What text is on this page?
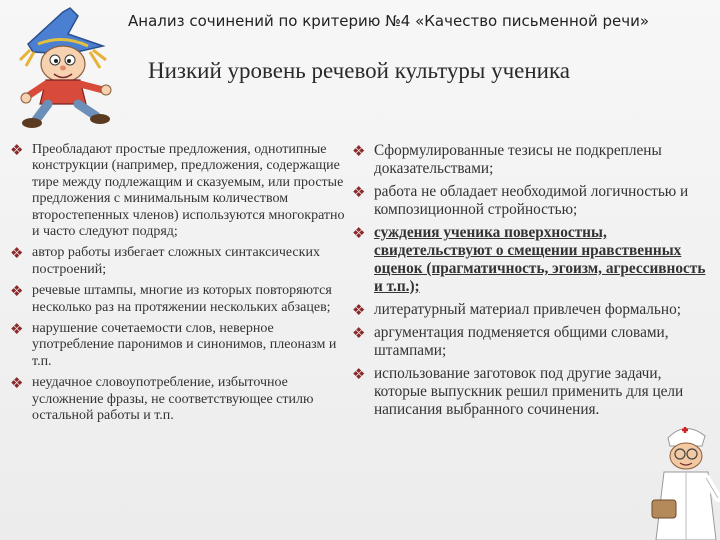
Анализ сочинений по критерию №4 «Качество письменной речи»
Низкий уровень речевой культуры ученика
❖ Преобладают простые предложения, однотипные конструкции (например, предложения, содержащие тире между подлежащим и сказуемым, или простые предложения с минимальным количеством второстепенных членов) используются многократно и часто следуют подряд;
❖ автор работы избегает сложных синтаксических построений;
❖ речевые штампы, многие из которых повторяются несколько раз на протяжении нескольких абзацев;
❖ нарушение сочетаемости слов, неверное употребление паронимов и синонимов, плеоназм и т.п.
❖ неудачное словоупотребление, избыточное усложнение фразы, не соответствующее стилю остальной работы и т.п.
❖ Сформулированные тезисы не подкреплены доказательствами;
❖ работа не обладает необходимой логичностью и композиционной стройностью;
❖ суждения ученика поверхностны, свидетельствуют о смещении нравственных оценок (прагматичность, эгоизм, агрессивность и т.п.);
❖ литературный материал привлечен формально;
❖ аргументация подменяется общими словами, штампами;
❖ использование заготовок под другие задачи, которые выпускник решил применить для цели написания выбранного сочинения.
